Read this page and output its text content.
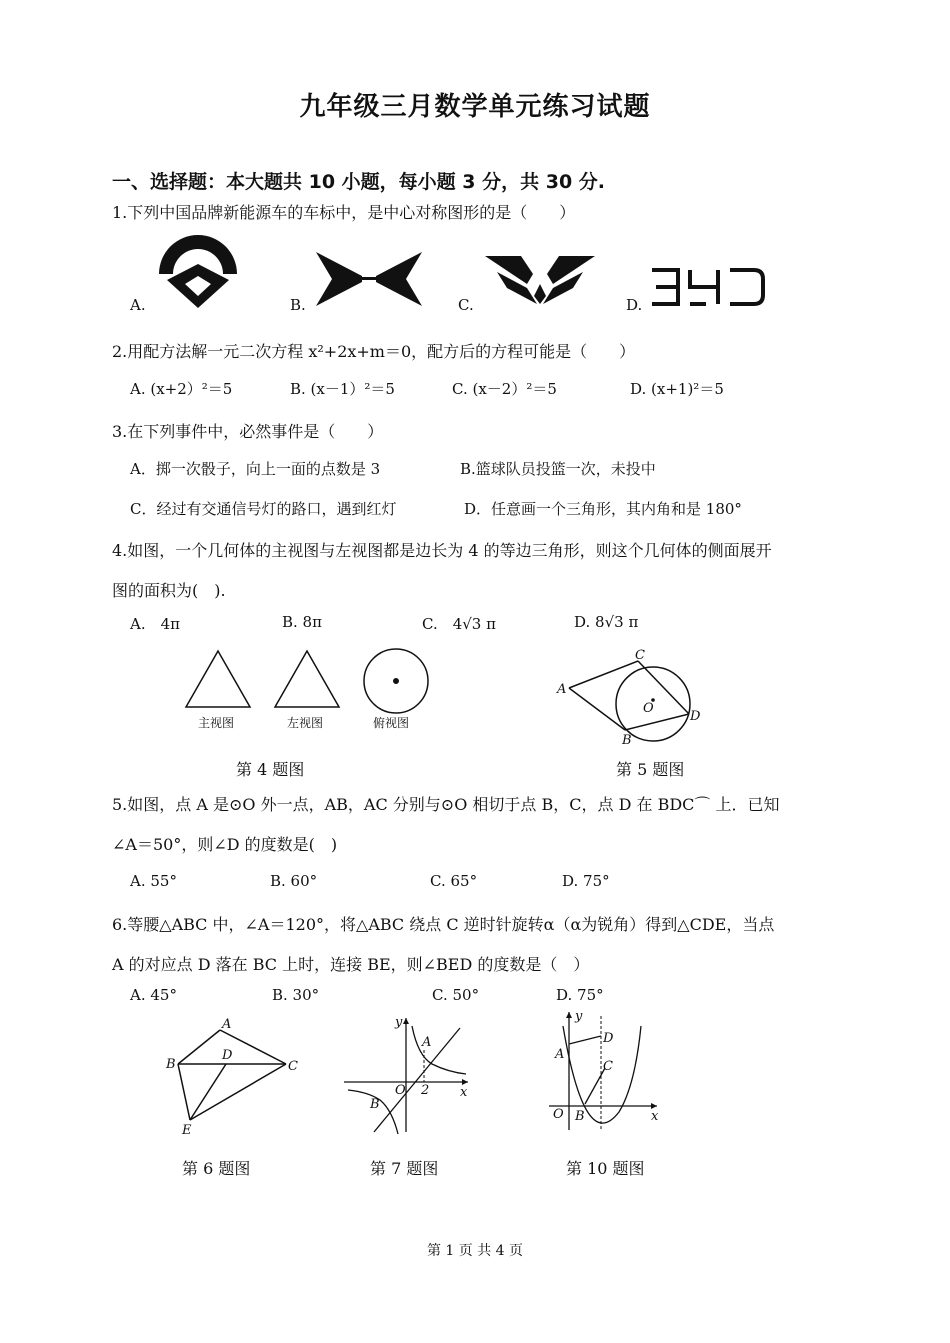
九年级三月数学单元练习试题
一、选择题：本大题共 10 小题，每小题 3 分，共 30 分.
1.下列中国品牌新能源车的车标中，是中心对称图形的是（　　）
A.	B.	C.	D.
2.用配方法解一元二次方程 x²+2x+m＝0，配方后的方程可能是（　　）
A. (x+2）²＝5	B. (x－1）²＝5	C. (x－2）²＝5	D. (x+1)²＝5
3.在下列事件中，必然事件是（　　）
A．掷一次骰子，向上一面的点数是 3	B.篮球队员投篮一次，未投中
C．经过有交通信号灯的路口，遇到红灯	D．任意画一个三角形，其内角和是 180°
4.如图，一个几何体的主视图与左视图都是边长为 4 的等边三角形，则这个几何体的侧面展开
图的面积为(　).
A.　4π	B. 8π	C.　4√3 π	D. 8√3 π
主视图	左视图	俯视图
第 4 题图
A
B
C
D
O
第 5 题图
5.如图，点 A 是⊙O 外一点，AB，AC 分别与⊙O 相切于点 B，C，点 D 在 BDC⌒ 上．已知
∠A＝50°，则∠D 的度数是(　)
A. 55°	B. 60°	C. 65°	D. 75°
6.等腰△ABC 中，∠A＝120°，将△ABC 绕点 C 逆时针旋转α（α为锐角）得到△CDE，当点
A 的对应点 D 落在 BC 上时，连接 BE，则∠BED 的度数是（　）
A. 45°	B. 30°	C. 50°	D. 75°
A
B	C
D
E
第 6 题图
y
x
A
B
O 2
第 7 题图
y
x
A
B
C
D
O
第 10 题图
第 1 页 共 4 页
